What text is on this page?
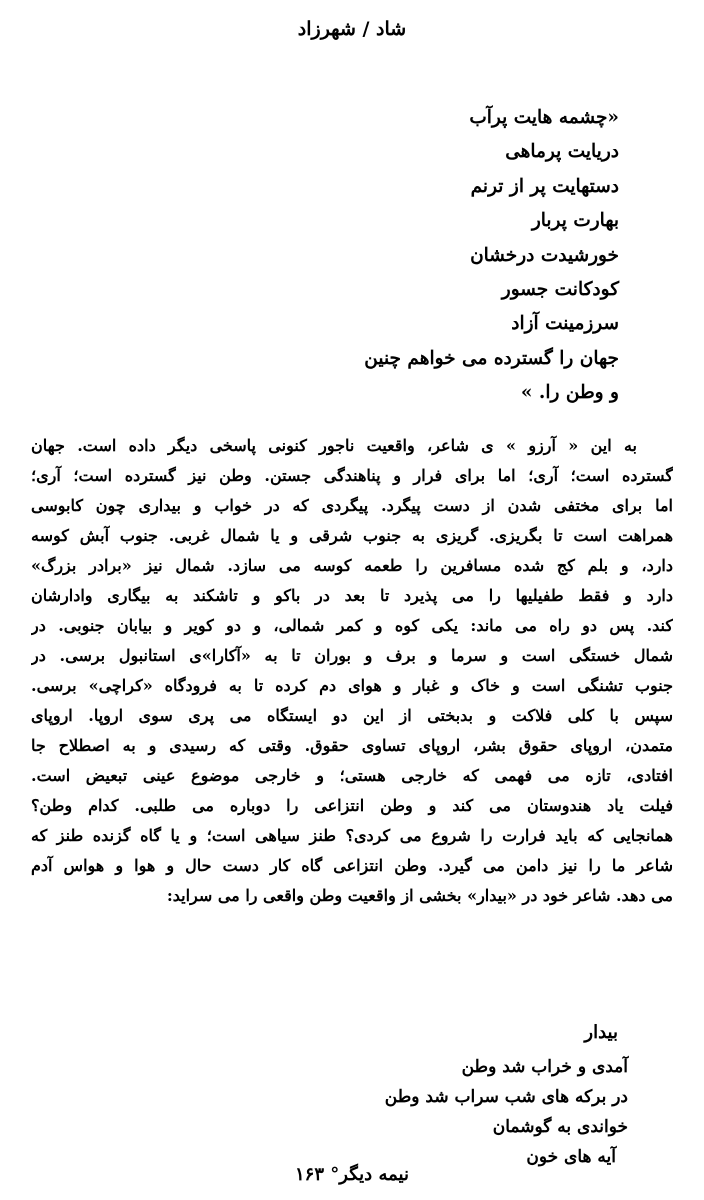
شاد / شهرزاد
«چشمه هایت پرآب
دریایت پرماهی
دستهایت پر از ترنم
بهارت پربار
خورشیدت درخشان
کودکانت جسور
سرزمینت آزاد
جهان را گسترده می خواهم چنین
و وطن را. »
به این « آرزو » ی شاعر، واقعیت ناجور کنونی پاسخی دیگر داده است. جهان
گسترده است؛ آری؛ اما برای فرار و پناهندگی جستن. وطن نیز گسترده است؛ آری؛
اما برای مختفی شدن از دست پیگرد. پیگردی که در خواب و بیداری چون کابوسی
همراهت است تا بگریزی. گریزی به جنوب شرقی و یا شمال غربی. جنوب آبش کوسه
دارد، و بلم کج شده مسافرین را طعمه کوسه می سازد. شمال نیز «برادر بزرگ»
دارد و فقط طفیلیها را می پذیرد تا بعد در باکو و تاشکند به بیگاری وادارشان
کند. پس دو راه می ماند: یکی کوه و کمر شمالی، و دو کویر و بیابان جنوبی. در
شمال خستگی است و سرما و برف و بوران تا به «آکارا»ی استانبول برسی. در
جنوب تشنگی است و خاک و غبار و هوای دم کرده تا به فرودگاه «کراچی» برسی.
سپس با کلی فلاکت و بدبختی از این دو ایستگاه می پری سوی اروپا. اروپای
متمدن، اروپای حقوق بشر، اروپای تساوی حقوق. وقتی که رسیدی و به اصطلاح جا
افتادی، تازه می فهمی که خارجی هستی؛ و خارجی موضوع عینی تبعیض است.
فیلت یاد هندوستان می کند و وطن انتزاعی را دوباره می طلبی. کدام وطن؟
همانجایی که باید فرارت را شروع می کردی؟ طنز سیاهی است؛ و یا گاه گزنده طنز که
شاعر ما را نیز دامن می گیرد. وطن انتزاعی گاه کار دست حال و هوا و هواس آدم
می دهد. شاعر خود در «بیدار» بخشی از واقعیت وطن واقعی را می سراید:
بیدار
آمدی و خراب شد وطن
در برکه های شب سراب شد وطن
خواندی به گوشمان
آیه های خون
نیمه دیگر° ۱۶۳
